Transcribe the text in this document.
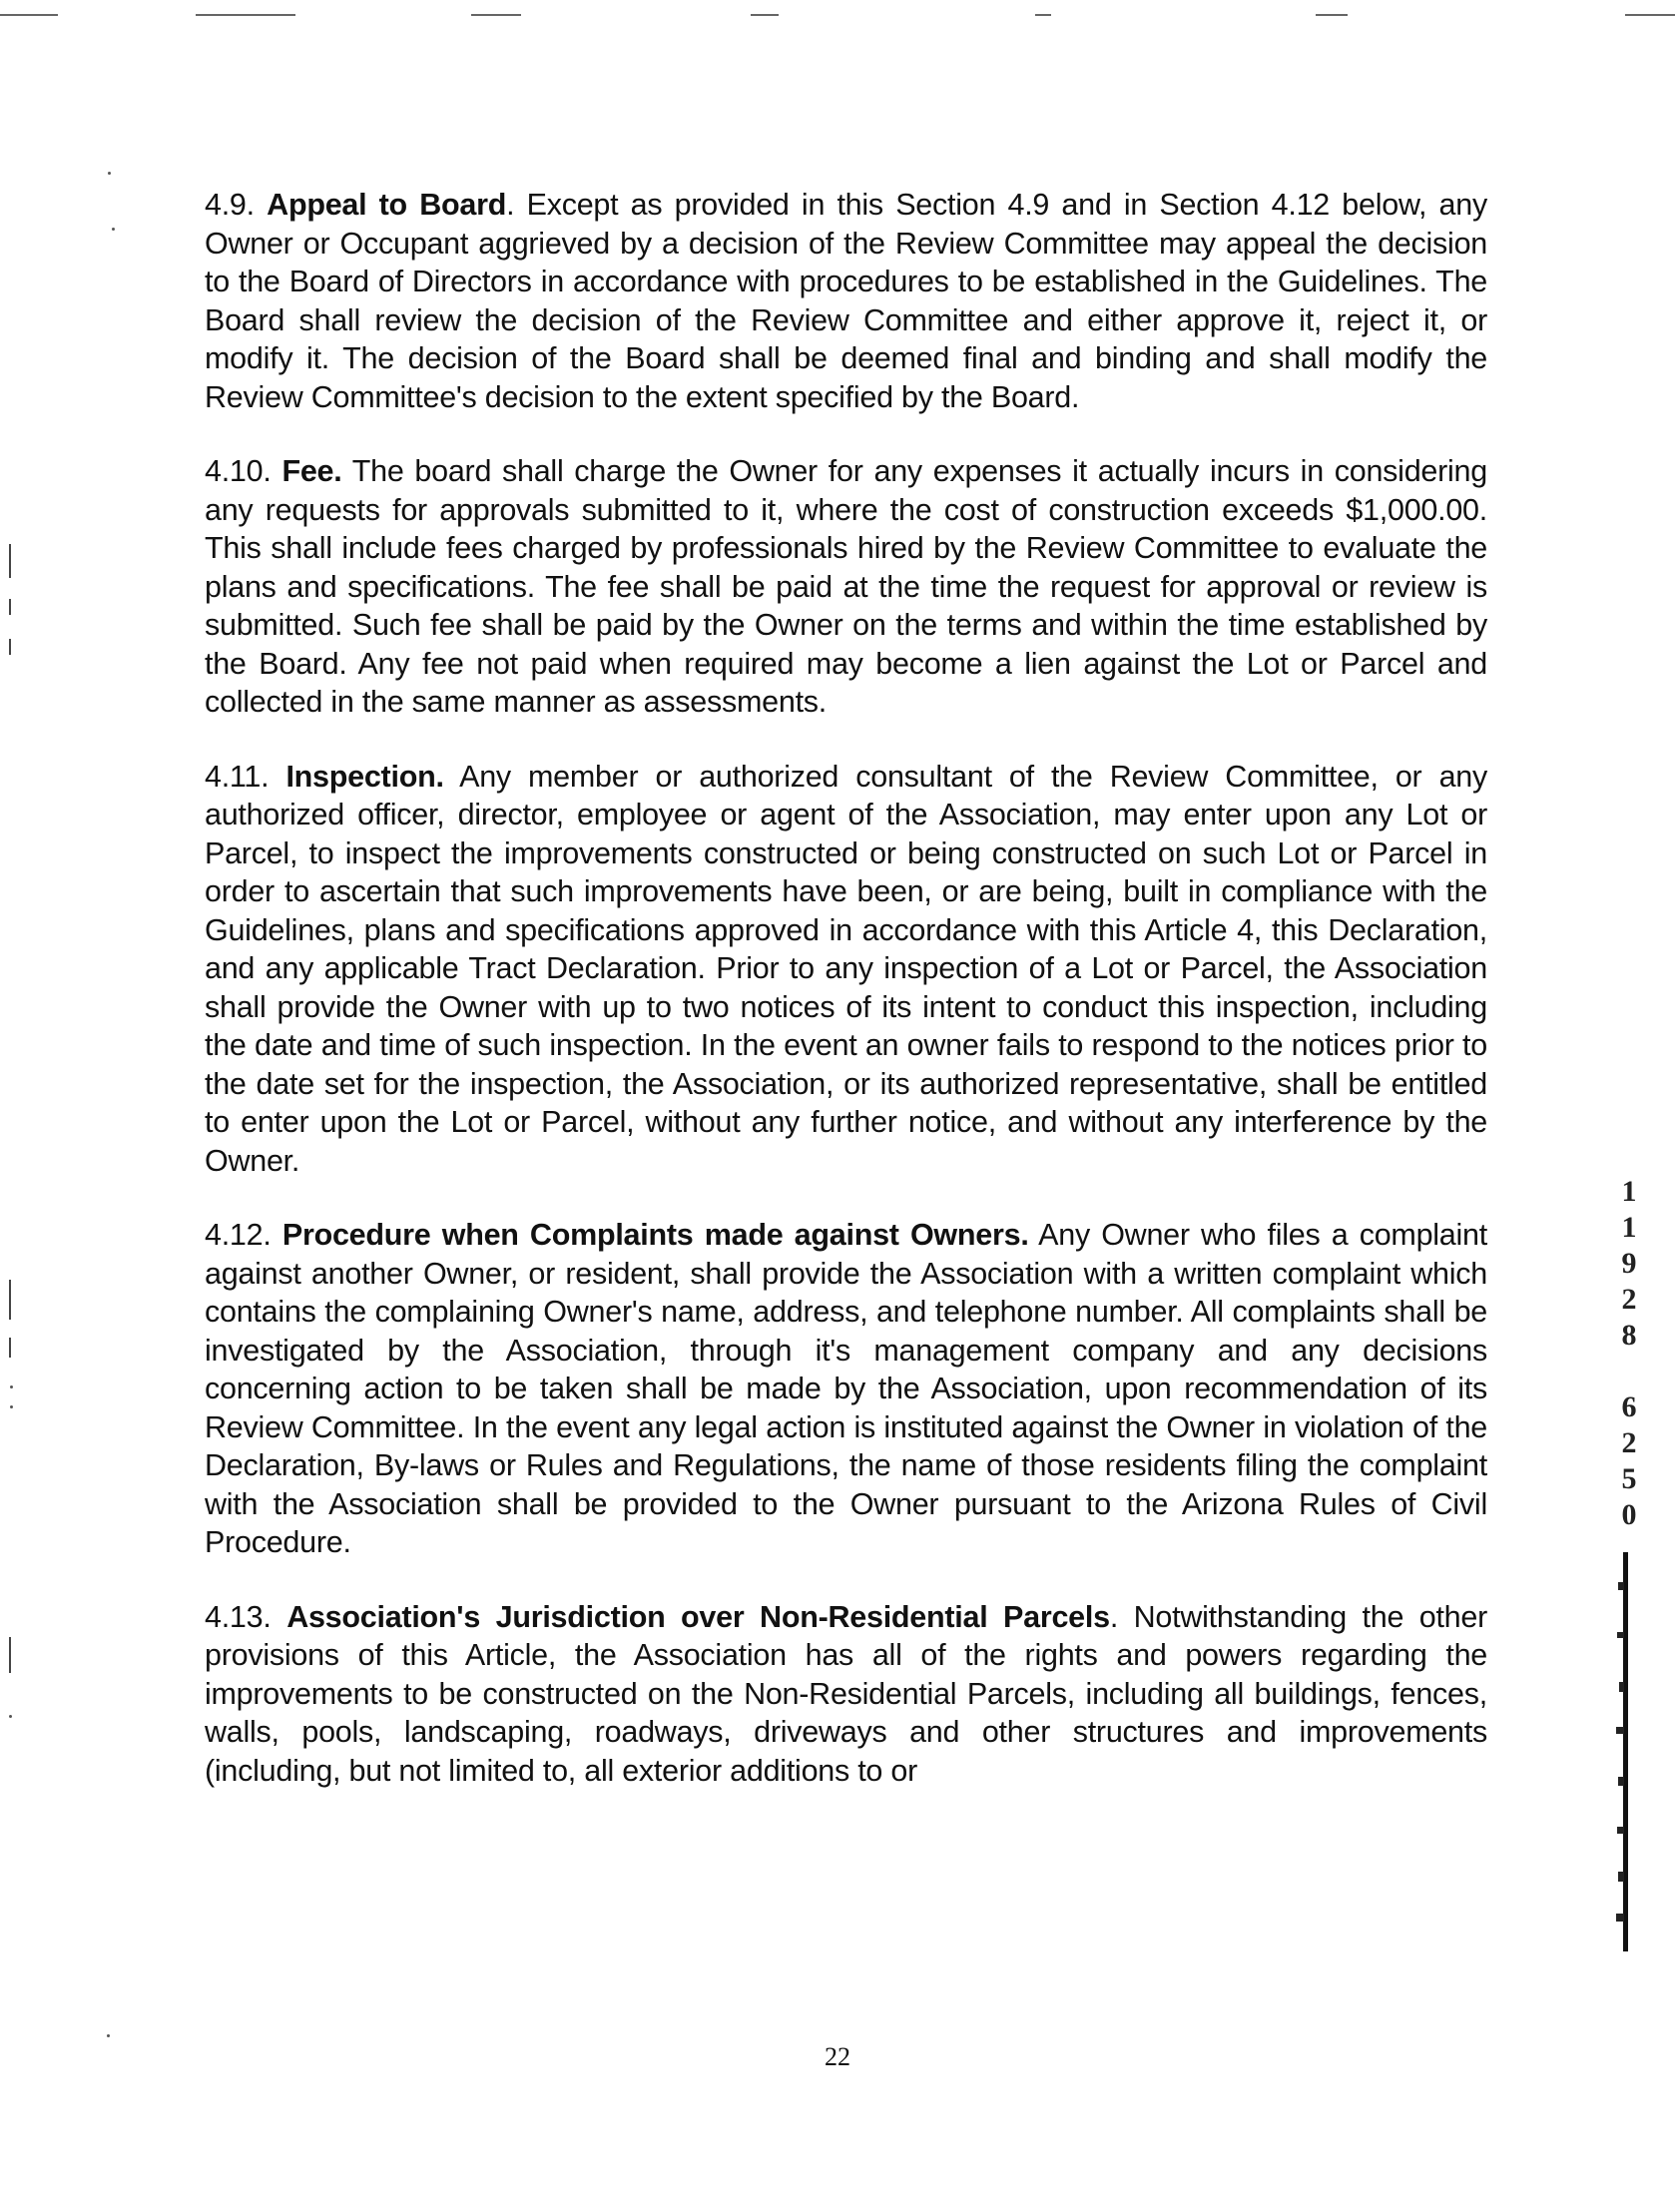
4.9. Appeal to Board. Except as provided in this Section 4.9 and in Section 4.12 below, any Owner or Occupant aggrieved by a decision of the Review Committee may appeal the decision to the Board of Directors in accordance with procedures to be established in the Guidelines. The Board shall review the decision of the Review Committee and either approve it, reject it, or modify it. The decision of the Board shall be deemed final and binding and shall modify the Review Committee's decision to the extent specified by the Board.

4.10. Fee. The board shall charge the Owner for any expenses it actually incurs in considering any requests for approvals submitted to it, where the cost of construction exceeds $1,000.00. This shall include fees charged by professionals hired by the Review Committee to evaluate the plans and specifications. The fee shall be paid at the time the request for approval or review is submitted. Such fee shall be paid by the Owner on the terms and within the time established by the Board. Any fee not paid when required may become a lien against the Lot or Parcel and collected in the same manner as assessments.

4.11. Inspection. Any member or authorized consultant of the Review Committee, or any authorized officer, director, employee or agent of the Association, may enter upon any Lot or Parcel, to inspect the improvements constructed or being constructed on such Lot or Parcel in order to ascertain that such improvements have been, or are being, built in compliance with the Guidelines, plans and specifications approved in accordance with this Article 4, this Declaration, and any applicable Tract Declaration. Prior to any inspection of a Lot or Parcel, the Association shall provide the Owner with up to two notices of its intent to conduct this inspection, including the date and time of such inspection. In the event an owner fails to respond to the notices prior to the date set for the inspection, the Association, or its authorized representative, shall be entitled to enter upon the Lot or Parcel, without any further notice, and without any interference by the Owner.

4.12. Procedure when Complaints made against Owners. Any Owner who files a complaint against another Owner, or resident, shall provide the Association with a written complaint which contains the complaining Owner's name, address, and telephone number. All complaints shall be investigated by the Association, through it's management company and any decisions concerning action to be taken shall be made by the Association, upon recommendation of its Review Committee. In the event any legal action is instituted against the Owner in violation of the Declaration, By-laws or Rules and Regulations, the name of those residents filing the complaint with the Association shall be provided to the Owner pursuant to the Arizona Rules of Civil Procedure.

4.13. Association's Jurisdiction over Non-Residential Parcels. Notwithstanding the other provisions of this Article, the Association has all of the rights and powers regarding the improvements to be constructed on the Non-Residential Parcels, including all buildings, fences, walls, pools, landscaping, roadways, driveways and other structures and improvements (including, but not limited to, all exterior additions to or

1
1
9
2
8
6
2
5
0
22
